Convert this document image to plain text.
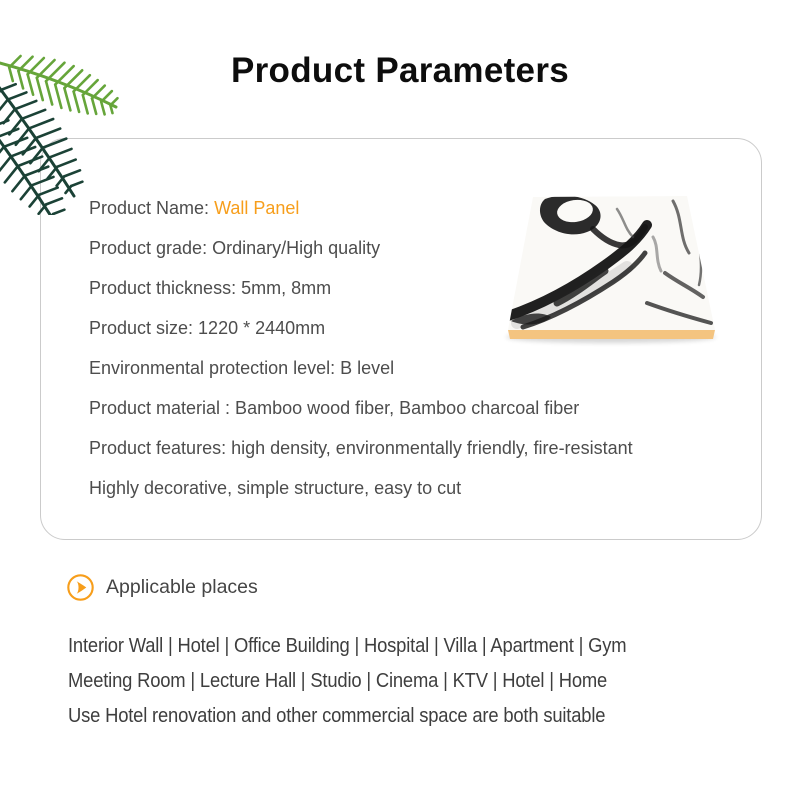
Product Parameters
Product Name: Wall Panel
Product grade: Ordinary/High quality
Product thickness: 5mm, 8mm
Product size: 1220 * 2440mm
Environmental protection level: B level
Product material : Bamboo wood fiber, Bamboo charcoal fiber
Product features: high density, environmentally friendly, fire-resistant
Highly decorative, simple structure, easy to cut
Applicable places
Interior Wall | Hotel | Office Building | Hospital | Villa | Apartment | Gym
Meeting Room | Lecture Hall | Studio | Cinema | KTV | Hotel | Home
Use Hotel renovation and other commercial space are both suitable
